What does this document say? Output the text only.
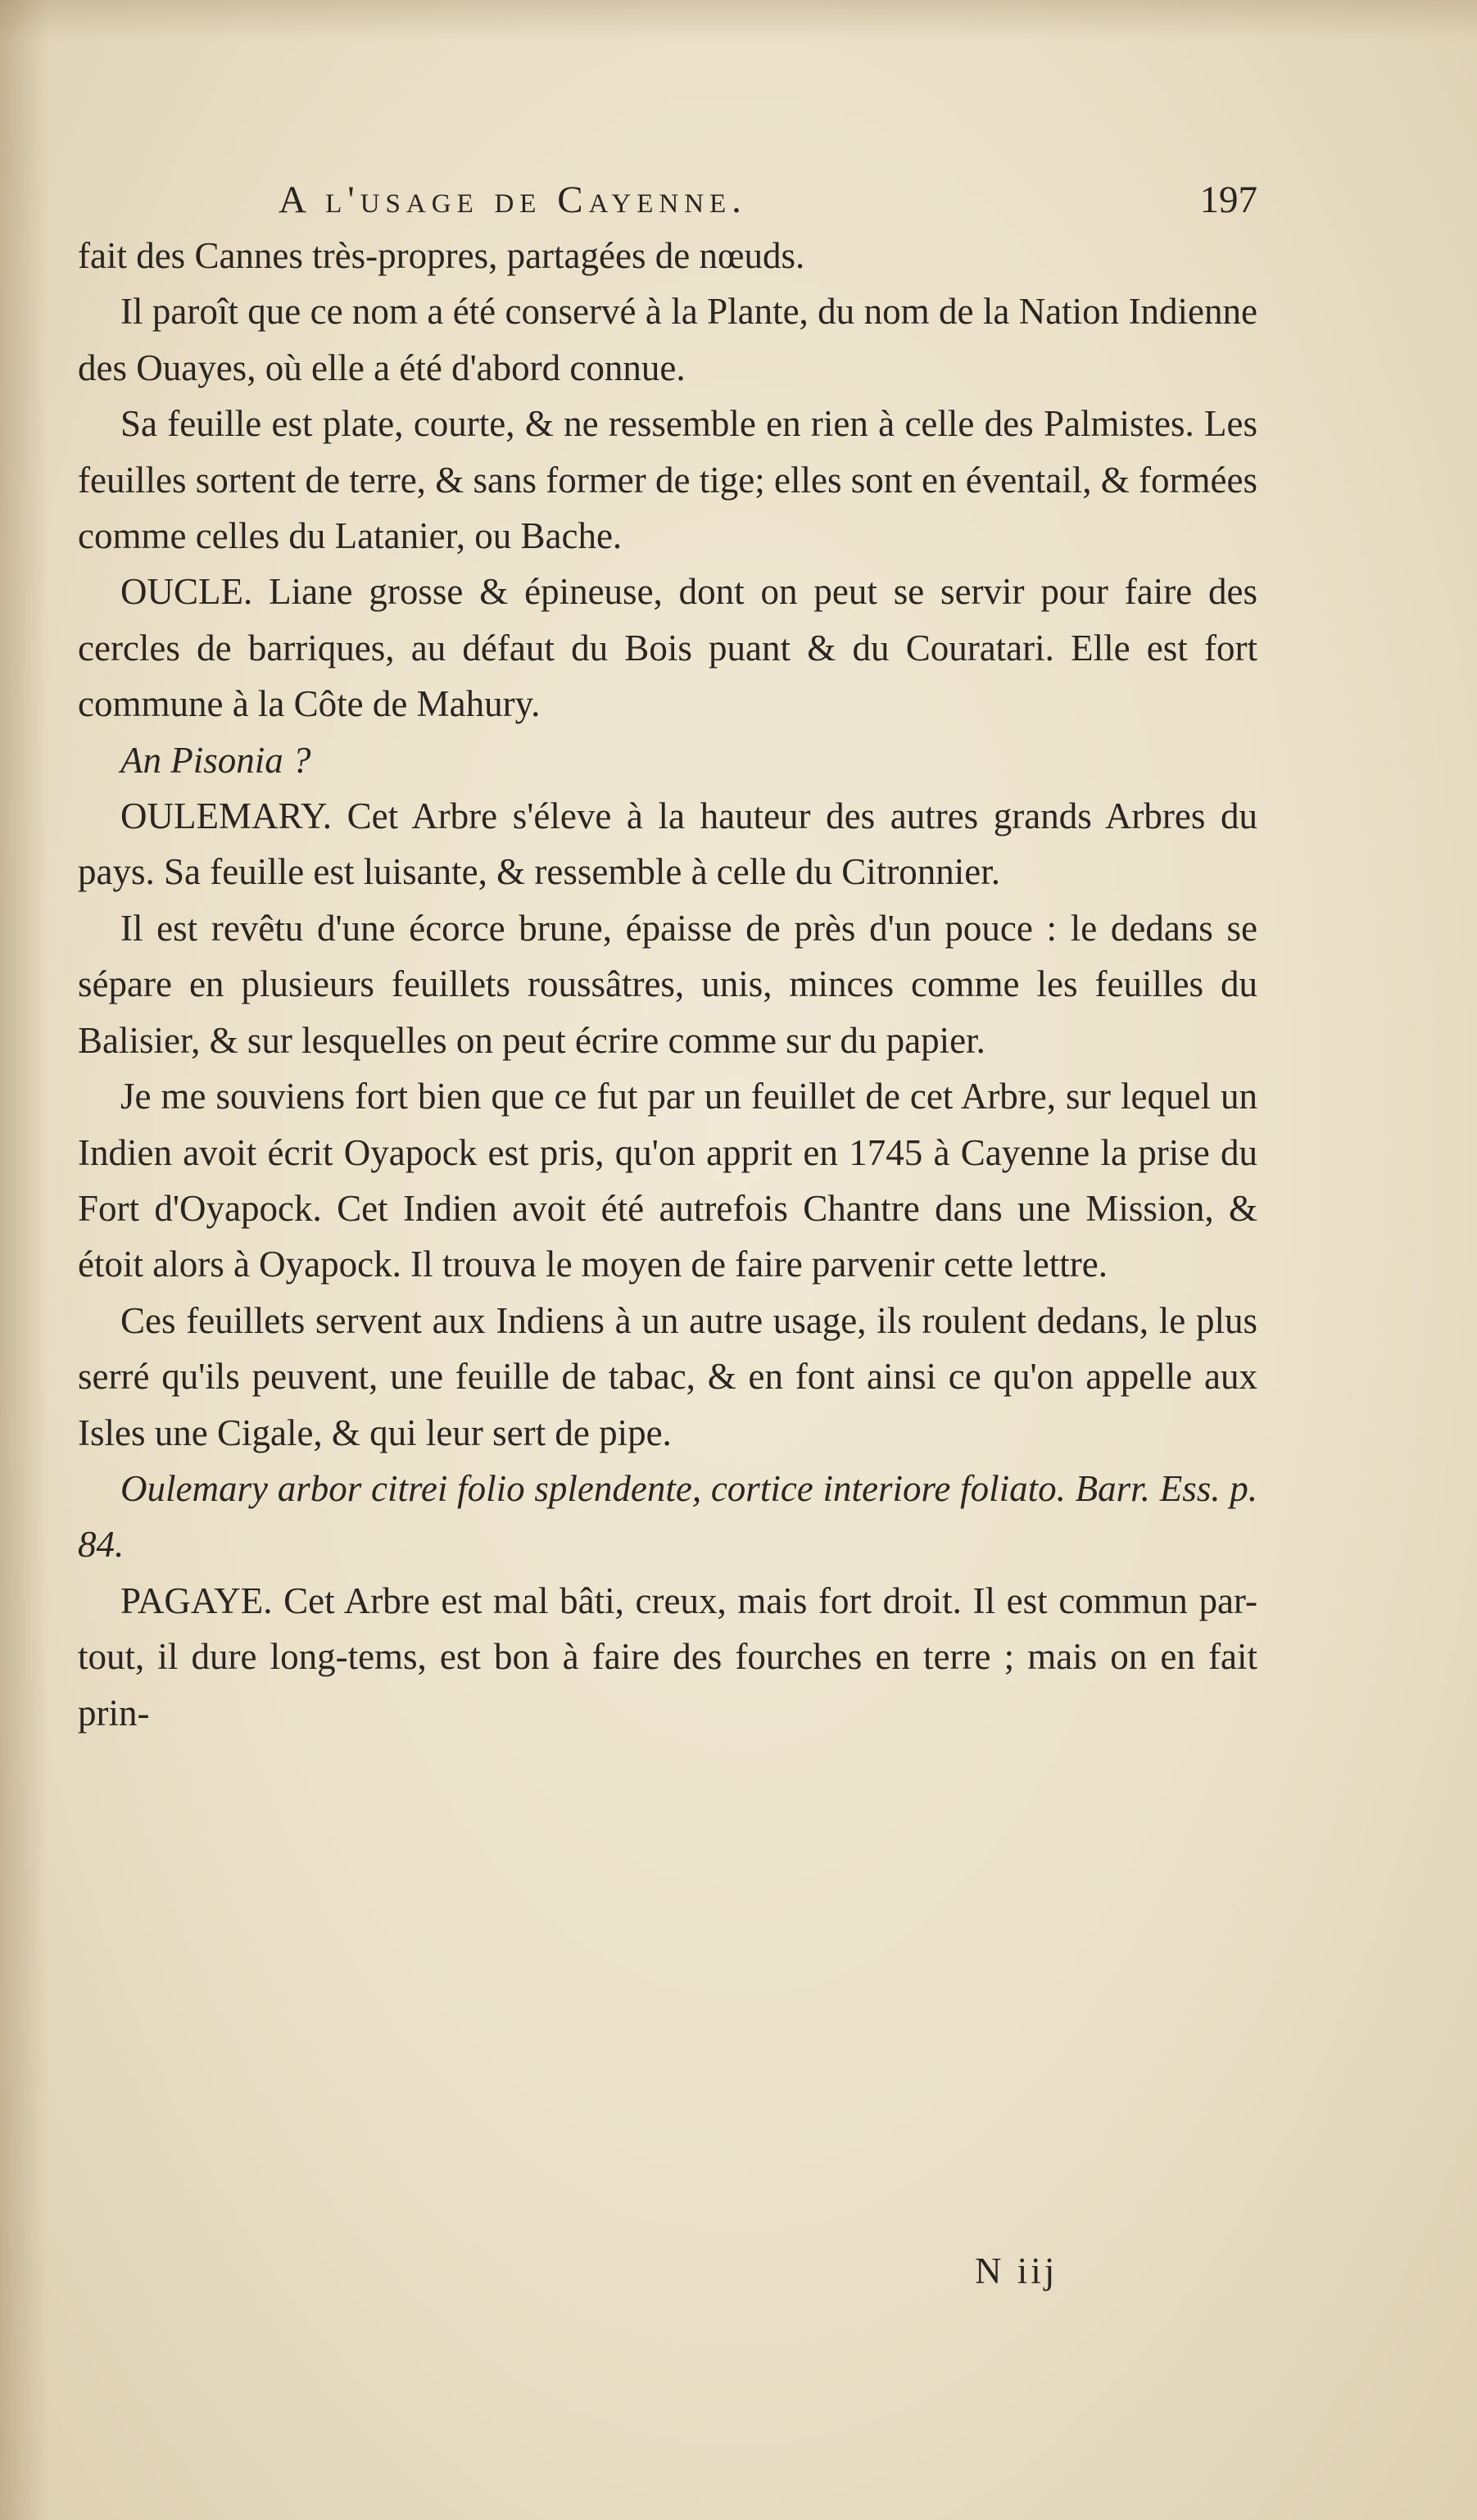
A l'usage de Cayenne.	197

fait des Cannes très-propres, partagées de nœuds.

Il paroît que ce nom a été conservé à la Plante, du nom de la Nation Indienne des Ouayes, où elle a été d'abord connue.

Sa feuille est plate, courte, & ne ressemble en rien à celle des Palmistes. Les feuilles sortent de terre, & sans former de tige; elles sont en éventail, & formées comme celles du Latanier, ou Bache.

OUCLE. Liane grosse & épineuse, dont on peut se servir pour faire des cercles de barriques, au défaut du Bois puant & du Couratari. Elle est fort commune à la Côte de Mahury.

An Pisonia ?

OULEMARY. Cet Arbre s'éleve à la hauteur des autres grands Arbres du pays. Sa feuille est luisante, & ressemble à celle du Citronnier.

Il est revêtu d'une écorce brune, épaisse de près d'un pouce : le dedans se sépare en plusieurs feuillets roussâtres, unis, minces comme les feuilles du Balisier, & sur lesquelles on peut écrire comme sur du papier.

Je me souviens fort bien que ce fut par un feuillet de cet Arbre, sur lequel un Indien avoit écrit Oyapock est pris, qu'on apprit en 1745 à Cayenne la prise du Fort d'Oyapock. Cet Indien avoit été autrefois Chantre dans une Mission, & étoit alors à Oyapock. Il trouva le moyen de faire parvenir cette lettre.

Ces feuillets servent aux Indiens à un autre usage, ils roulent dedans, le plus serré qu'ils peuvent, une feuille de tabac, & en font ainsi ce qu'on appelle aux Isles une Cigale, & qui leur sert de pipe.

Oulemary arbor citrei folio splendente, cortice interiore foliato. Barr. Ess. p. 84.

PAGAYE. Cet Arbre est mal bâti, creux, mais fort droit. Il est commun par-tout, il dure long-tems, est bon à faire des fourches en terre ; mais on en fait prin-

N iij
